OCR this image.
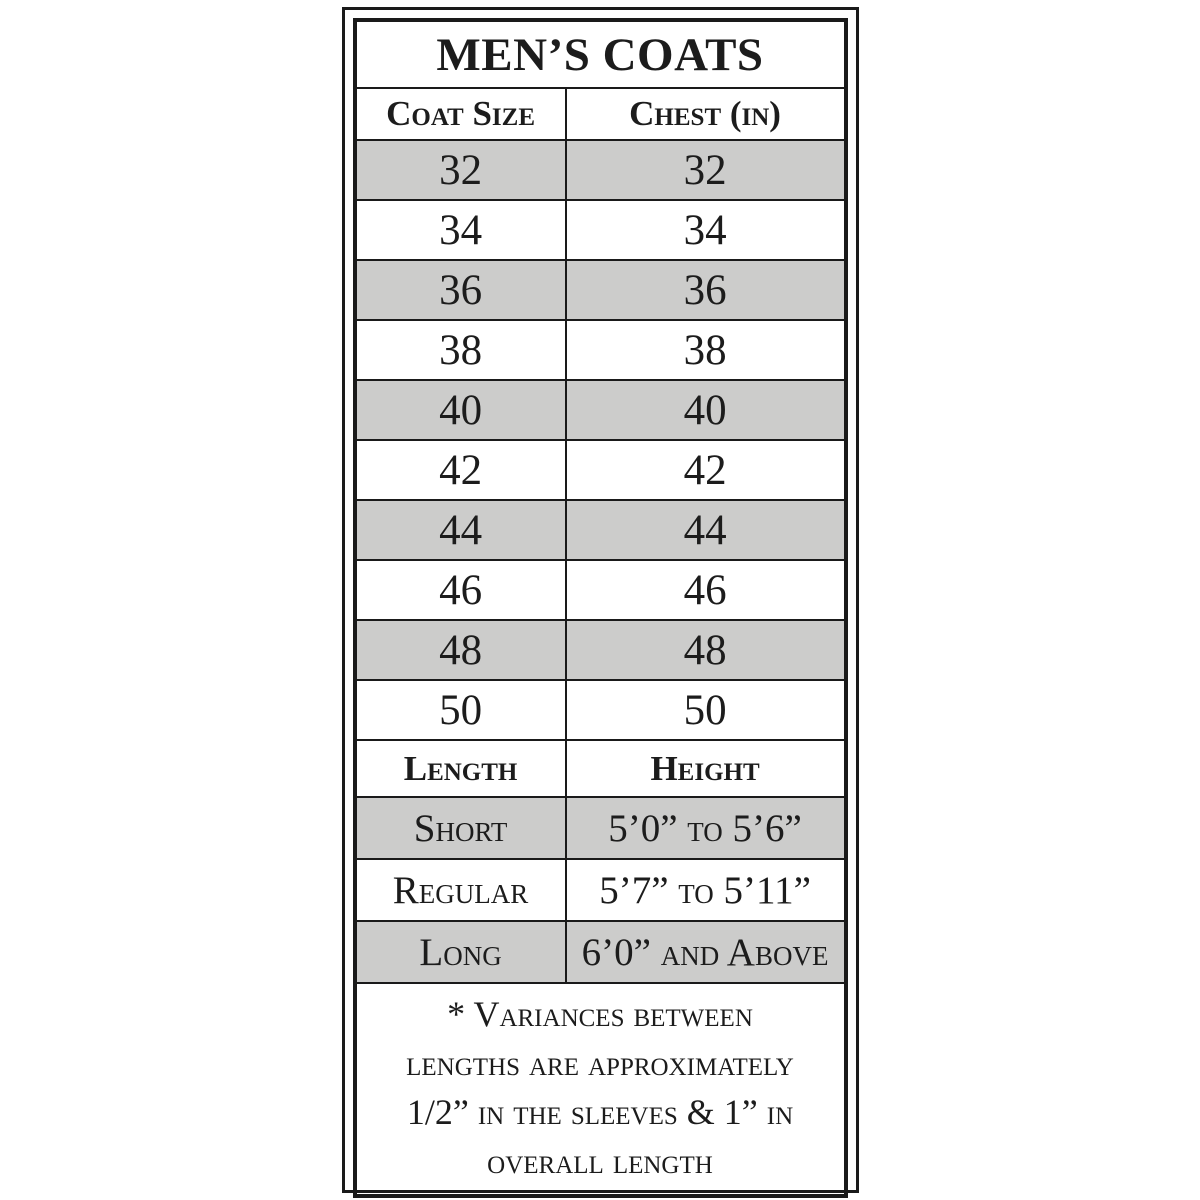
MEN’S COATS	
Coat Size	Chest (in)
32	32
34	34
36	36
38	38
40	40
42	42
44	44
46	46
48	48
50	50
Length	Height
Short	5’0” to 5’6”
Regular	5’7” to 5’11”
Long	6’0” and Above

* Variances between
lengths are approximately
1/2” in the sleeves & 1” in
overall length	
